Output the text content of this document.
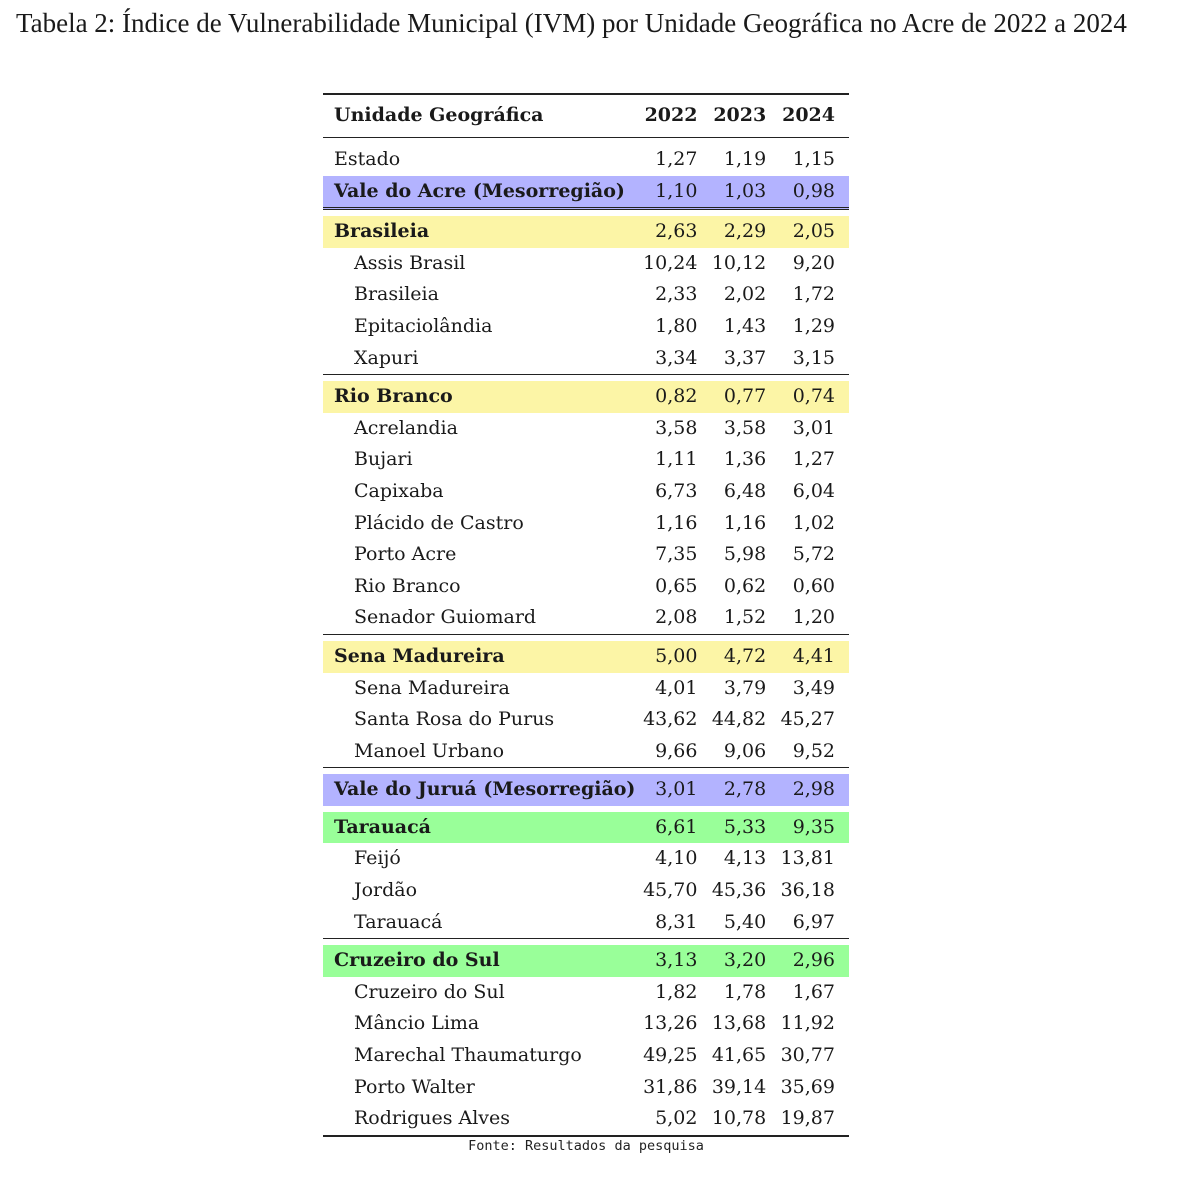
Tabela 2: Índice de Vulnerabilidade Municipal (IVM) por Unidade Geográfica no Acre de 2022 a 2024
Unidade Geográfica	2022	2023	2024

Estado	1,27	1,19	1,15
Vale do Acre (Mesorregião)	1,10	1,03	0,98

Brasileia	2,63	2,29	2,05
Assis Brasil	10,24	10,12	9,20
Brasileia	2,33	2,02	1,72
Epitaciolândia	1,80	1,43	1,29
Xapuri	3,34	3,37	3,15

Rio Branco	0,82	0,77	0,74
Acrelandia	3,58	3,58	3,01
Bujari	1,11	1,36	1,27
Capixaba	6,73	6,48	6,04
Plácido de Castro	1,16	1,16	1,02
Porto Acre	7,35	5,98	5,72
Rio Branco	0,65	0,62	0,60
Senador Guiomard	2,08	1,52	1,20

Sena Madureira	5,00	4,72	4,41
Sena Madureira	4,01	3,79	3,49
Santa Rosa do Purus	43,62	44,82	45,27
Manoel Urbano	9,66	9,06	9,52

Vale do Juruá (Mesorregião)	3,01	2,78	2,98

Tarauacá	6,61	5,33	9,35
Feijó	4,10	4,13	13,81
Jordão	45,70	45,36	36,18
Tarauacá	8,31	5,40	6,97

Cruzeiro do Sul	3,13	3,20	2,96
Cruzeiro do Sul	1,82	1,78	1,67
Mâncio Lima	13,26	13,68	11,92
Marechal Thaumaturgo	49,25	41,65	30,77
Porto Walter	31,86	39,14	35,69
Rodrigues Alves	5,02	10,78	19,87
Fonte: Resultados da pesquisa
